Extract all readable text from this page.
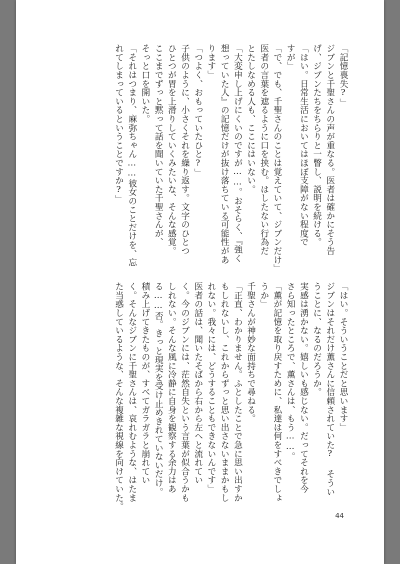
「記憶喪失?」

ジブンと千聖さんの声が重なる。医者は確かにそう告

げ、ジブンたちをちらりと一瞥し、説明を続ける。

「はい。日常生活においてはほぼ支障がない程度で

すが」

「で、でも、千聖さんのことは覚えていて、ジブンだけ」

医者の言葉を遮るように口を挟む。はしたない行為だ

とたしなめる人も、ここにはいない。

「大変申し上げにくいのですが……。おそらく、『強く

想っていた人』の記憶だけが抜け落ちている可能性があ

ります」

「つよく、おもっていたひと?」

子供のように、小さくそれを繰り返す。文字のひとつ

ひとつが胃を上滑りしていくみたいな、そんな感覚。

ここまでずっと黙って話を聞いていた千聖さんが、

そっと口を開いた。

「それはつまり、麻弥ちゃん……彼女のことだけを、忘

れてしまっているということですか?」

「はい。そういうことだと思います」

ジブンはそれだけ薫さんに信頼されていた? そうい

うことに、なるのだろうか。

実感は湧かない。嬉しいも感じない。だってそれを今

さら知ったところで、薫さんは、もう……。

「薫が記憶を取り戻すために、私達は何をすべきでしょ

うか」

千聖さんが神妙な面持ちで尋ねる。

「正直、わかりません。ふとしたことで急に思い出すか

もしれないし、これからずっと思い出さないままかもし

れない。我々には、どうすることもできないんです」

医者の話は、聞いたそばから右から左へと流れてい

く。今のジブンには、茫然自失という言葉が似合うかも

しれない。そんな風に冷静に自身を観察する余力はあ

る……否。きっと現実を受け止めきれていないだけ。

積み上げてきたものが、すべてガラガラと崩れてい

く。そんなジブンに千聖さんは、哀れむような、はたま

た当惑しているような、そんな複雑な視線を向けていた。

44
